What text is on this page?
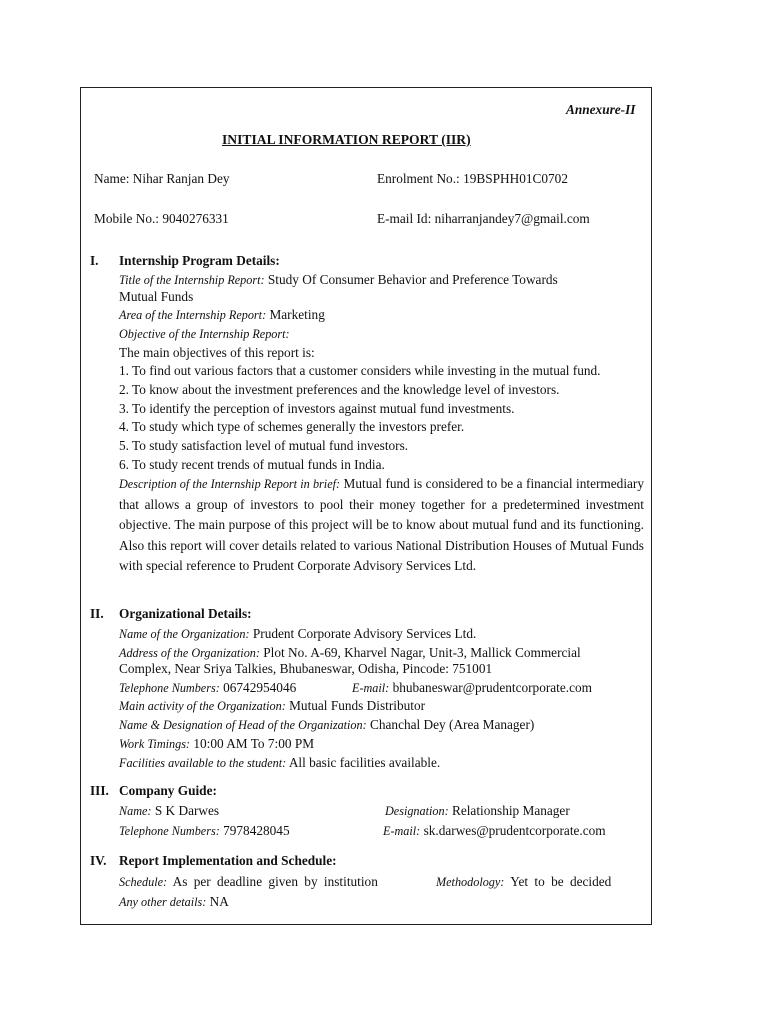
Annexure-II
INITIAL INFORMATION REPORT (IIR)
Name: Nihar Ranjan Dey	Enrolment No.: 19BSPHH01C0702
Mobile No.: 9040276331	E-mail Id: niharranjandey7@gmail.com
I. Internship Program Details:
Title of the Internship Report: Study Of Consumer Behavior and Preference Towards
Mutual Funds
Area of the Internship Report: Marketing
Objective of the Internship Report:
The main objectives of this report is:
1. To find out various factors that a customer considers while investing in the mutual fund.
2. To know about the investment preferences and the knowledge level of investors.
3. To identify the perception of investors against mutual fund investments.
4. To study which type of schemes generally the investors prefer.
5. To study satisfaction level of mutual fund investors.
6. To study recent trends of mutual funds in India.
Description of the Internship Report in brief: Mutual fund is considered to be a financial intermediary that allows a group of investors to pool their money together for a predetermined investment objective. The main purpose of this project will be to know about mutual fund and its functioning. Also this report will cover details related to various National Distribution Houses of Mutual Funds with special reference to Prudent Corporate Advisory Services Ltd.
II. Organizational Details:
Name of the Organization: Prudent Corporate Advisory Services Ltd.
Address of the Organization: Plot No. A-69, Kharvel Nagar, Unit-3, Mallick Commercial
Complex, Near Sriya Talkies, Bhubaneswar, Odisha, Pincode: 751001
Telephone Numbers: 06742954046	E-mail: bhubaneswar@prudentcorporate.com
Main activity of the Organization: Mutual Funds Distributor
Name & Designation of Head of the Organization: Chanchal Dey (Area Manager)
Work Timings: 10:00 AM To 7:00 PM
Facilities available to the student: All basic facilities available.
III. Company Guide:
Name: S K Darwes	Designation: Relationship Manager
Telephone Numbers: 7978428045	E-mail: sk.darwes@prudentcorporate.com
IV. Report Implementation and Schedule:
Schedule: As per deadline given by institution	Methodology: Yet to be decided
Any other details: NA
